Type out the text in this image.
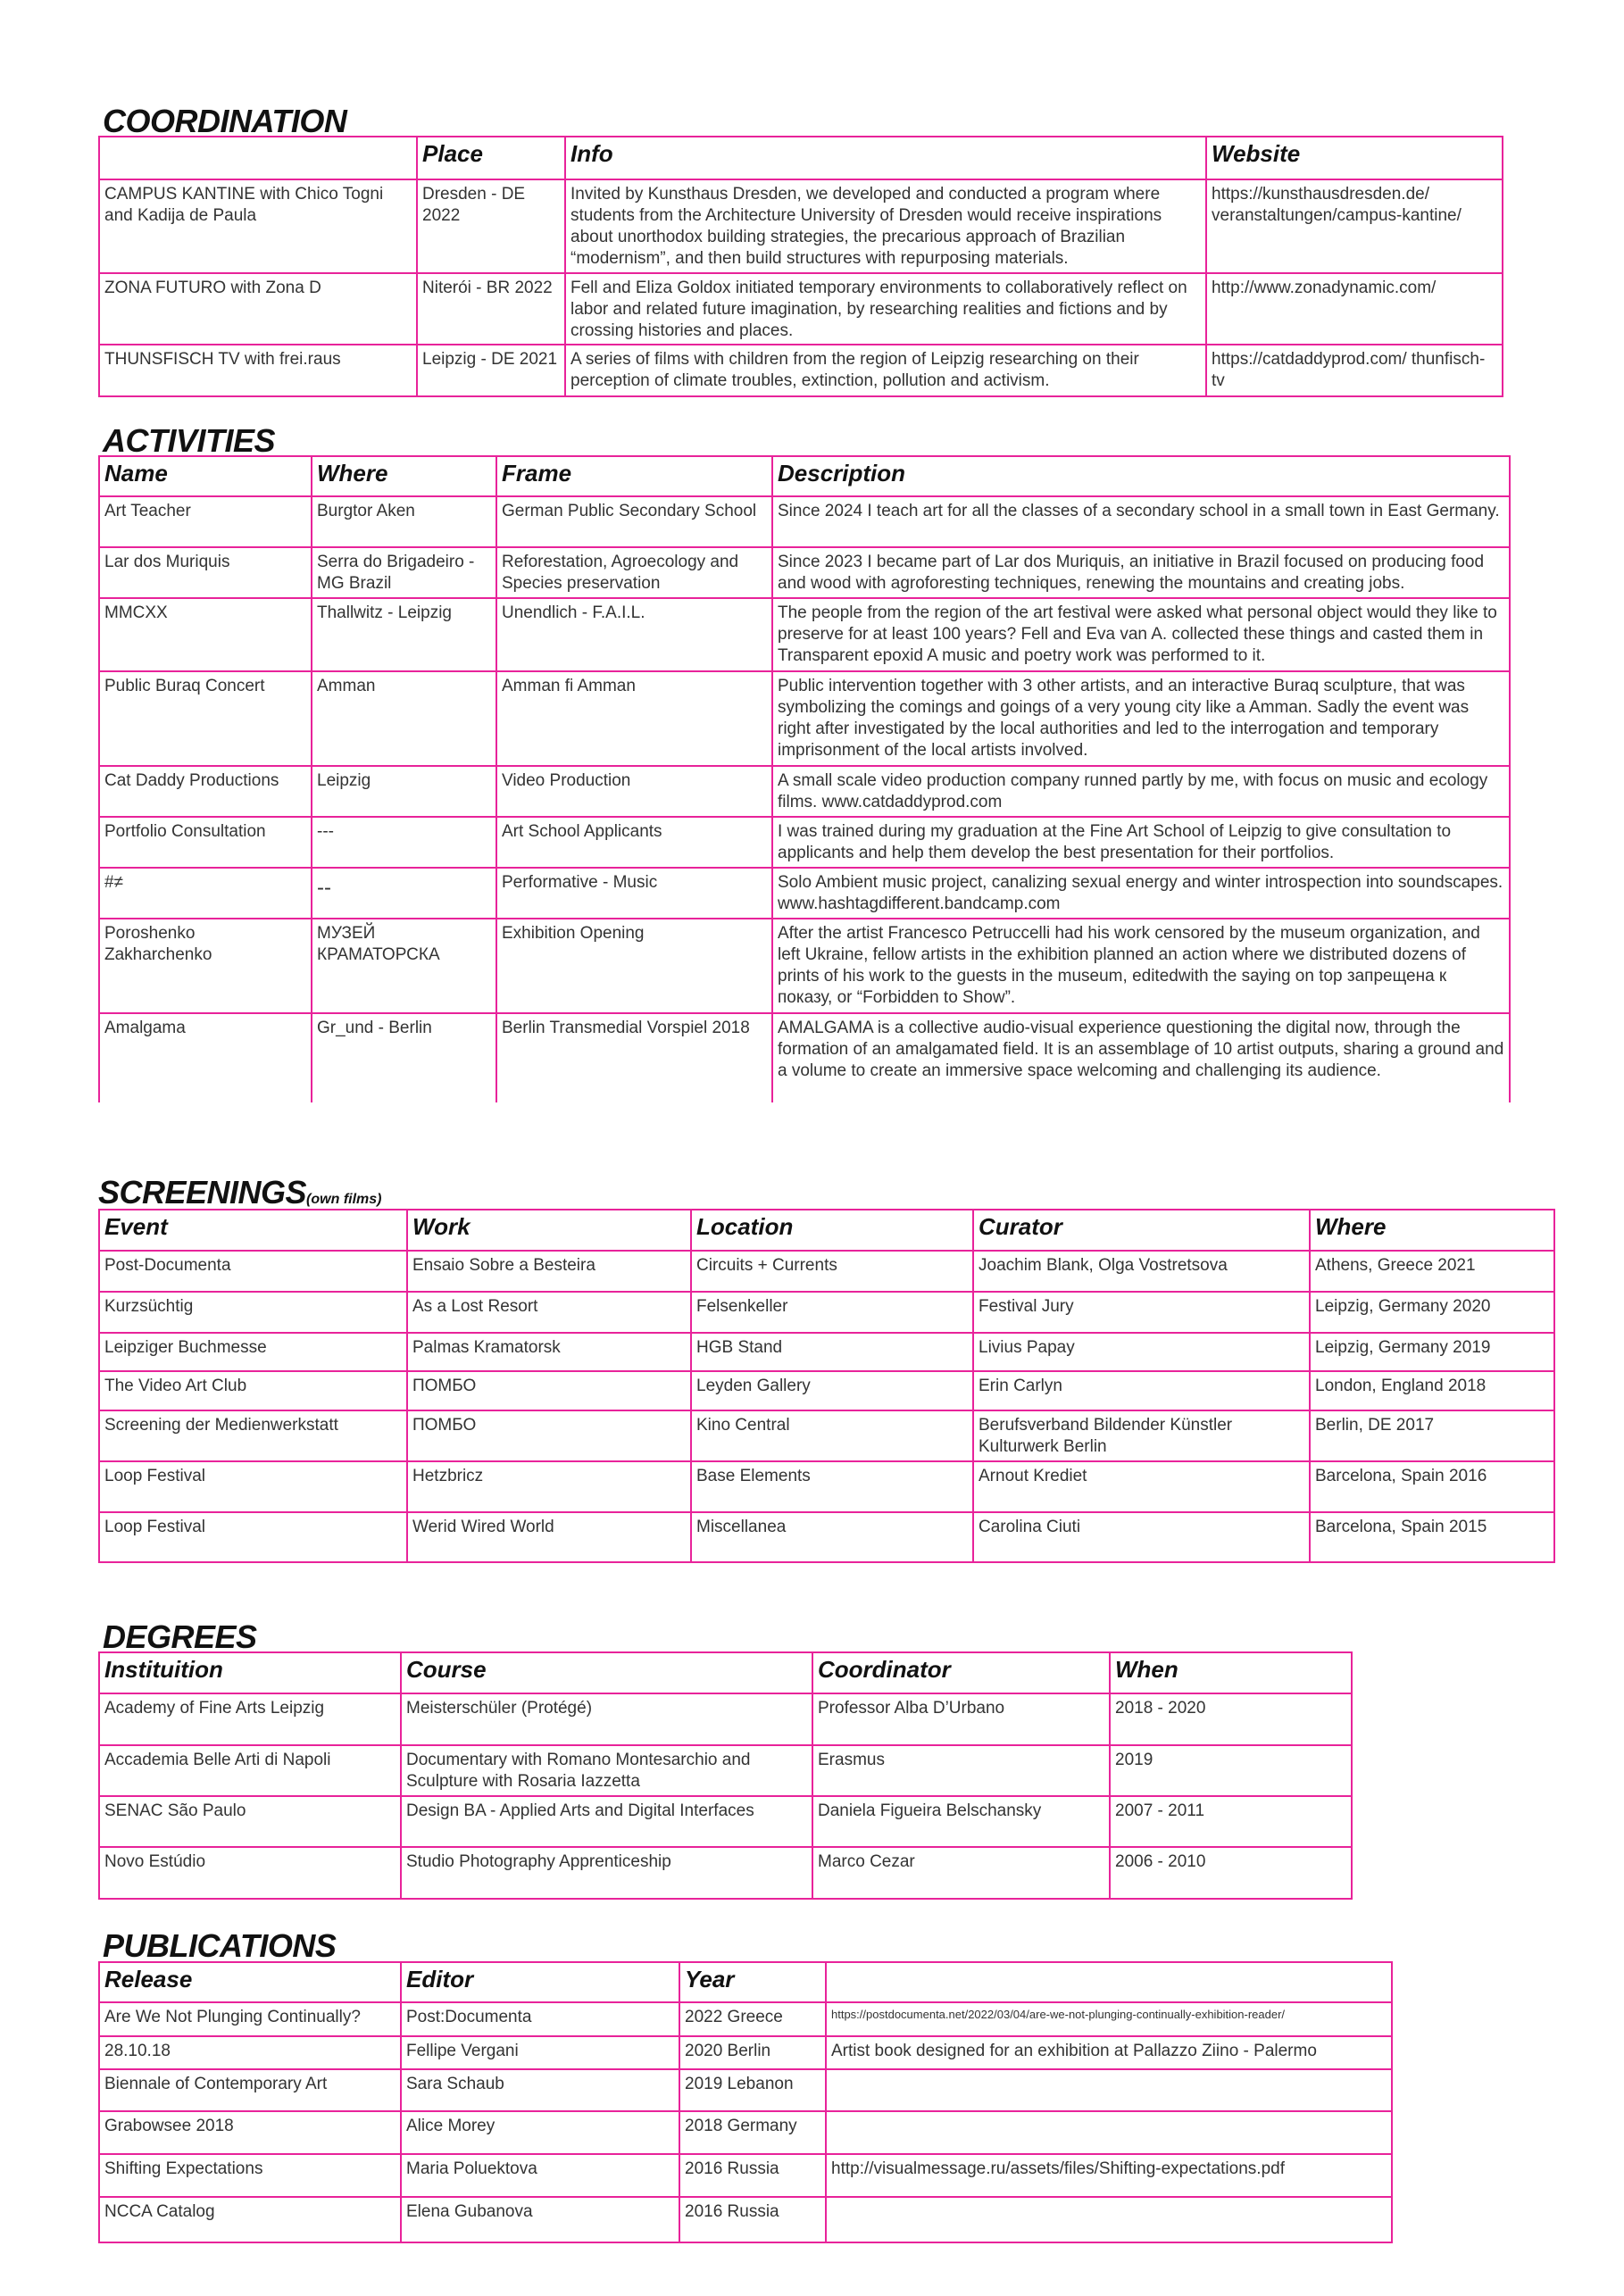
COORDINATION
	Place	Info	Website
CAMPUS KANTINE with Chico Togni and Kadija de Paula	Dresden - DE 2022	Invited by Kunsthaus Dresden, we developed and conducted a program where students from the Architecture University of Dresden would receive inspirations about unorthodox building strategies, the precarious approach of Brazilian “modernism”, and then build structures with repurposing materials.	https://kunsthausdresden.de/ veranstaltungen/campus-kantine/
ZONA FUTURO with Zona D	Niterói - BR 2022	Fell and Eliza Goldox initiated temporary environments to collaboratively reflect on labor and related future imagination, by researching realities and fictions and by crossing histories and places.	http://www.zonadynamic.com/
THUNSFISCH TV with frei.raus	Leipzig - DE 2021	A series of films with children from the region of Leipzig researching on their perception of climate troubles, extinction, pollution and activism.	https://catdaddyprod.com/ thunfisch-tv
ACTIVITIES
Name	Where	Frame	Description
Art Teacher	Burgtor Aken	German Public Secondary School	Since 2024 I teach art for all the classes of a secondary school in a small town in East Germany.
Lar dos Muriquis	Serra do Brigadeiro - MG Brazil	Reforestation, Agroecology and Species preservation	Since 2023 I became part of Lar dos Muriquis, an initiative in Brazil focused on producing food and wood with agroforesting techniques, renewing the mountains and creating jobs.
MMCXX	Thallwitz - Leipzig	Unendlich - F.A.I.L.	The people from the region of the art festival were asked what personal object would they like to preserve for at least 100 years? Fell and Eva van A. collected these things and casted them in Transparent epoxid A music and poetry work was performed to it.
Public Buraq Concert	Amman	Amman fi Amman	Public intervention together with 3 other artists, and an interactive Buraq sculpture, that was symbolizing the comings and goings of a very young city like a Amman. Sadly the event was right after investigated by the local authorities and led to the interrogation and temporary imprisonment of the local artists involved.
Cat Daddy Productions	Leipzig	Video Production	A small scale video production company runned partly by me, with focus on music and ecology films. www.catdaddyprod.com
Portfolio Consultation	---	Art School Applicants	I was trained during my graduation at the Fine Art School of Leipzig to give consultation to applicants and help them develop the best presentation for their portfolios.
#≠	--	Performative - Music	Solo Ambient music project, canalizing sexual energy and winter introspection into soundscapes. www.hashtagdifferent.bandcamp.com
Poroshenko Zakharchenko	МУЗЕЙ КРАМАТОРСКА	Exhibition Opening	After the artist Francesco Petruccelli had his work censored by the museum organization, and left Ukraine, fellow artists in the exhibition planned an action where we distributed dozens of prints of his work to the guests in the museum, editedwith the saying on top запрещена к показу, or “Forbidden to Show”.
Amalgama	Gr_und - Berlin	Berlin Transmedial Vorspiel 2018	AMALGAMA is a collective audio-visual experience questioning the digital now, through the formation of an amalgamated field. It is an assemblage of 10 artist outputs, sharing a ground and a volume to create an immersive space welcoming and challenging its audience.
SCREENINGS(own films)
Event	Work	Location	Curator	Where
Post-Documenta	Ensaio Sobre a Besteira	Circuits + Currents	Joachim Blank, Olga Vostretsova	Athens, Greece 2021
Kurzsüchtig	As a Lost Resort	Felsenkeller	Festival Jury	Leipzig, Germany 2020
Leipziger Buchmesse	Palmas Kramatorsk	HGB Stand	Livius Papay	Leipzig, Germany 2019
The Video Art Club	ПОМБО	Leyden Gallery	Erin Carlyn	London, England 2018
Screening der Medienwerkstatt	ПОМБО	Kino Central	Berufsverband Bildender Künstler Kulturwerk Berlin	Berlin, DE 2017
Loop Festival	Hetzbricz	Base Elements	Arnout Krediet	Barcelona, Spain 2016
Loop Festival	Werid Wired World	Miscellanea	Carolina Ciuti	Barcelona, Spain 2015
DEGREES
Instituition	Course	Coordinator	When
Academy of Fine Arts Leipzig	Meisterschüler (Protégé)	Professor Alba D’Urbano	2018 - 2020
Accademia Belle Arti di Napoli	Documentary with Romano Montesarchio and Sculpture with Rosaria Iazzetta	Erasmus	2019
SENAC São Paulo	Design BA - Applied Arts and Digital Interfaces	Daniela Figueira Belschansky	2007 - 2011
Novo Estúdio	Studio Photography Apprenticeship	Marco Cezar	2006 - 2010
PUBLICATIONS
Release	Editor	Year	
Are We Not Plunging Continually?	Post:Documenta	2022 Greece	https://postdocumenta.net/2022/03/04/are-we-not-plunging-continually-exhibition-reader/
28.10.18	Fellipe Vergani	2020 Berlin	Artist book designed for an exhibition at Pallazzo Ziino - Palermo
Biennale of Contemporary Art	Sara Schaub	2019 Lebanon	
Grabowsee 2018	Alice Morey	2018 Germany	
Shifting Expectations	Maria Poluektova	2016 Russia	http://visualmessage.ru/assets/files/Shifting-expectations.pdf
NCCA Catalog	Elena Gubanova	2016 Russia	
